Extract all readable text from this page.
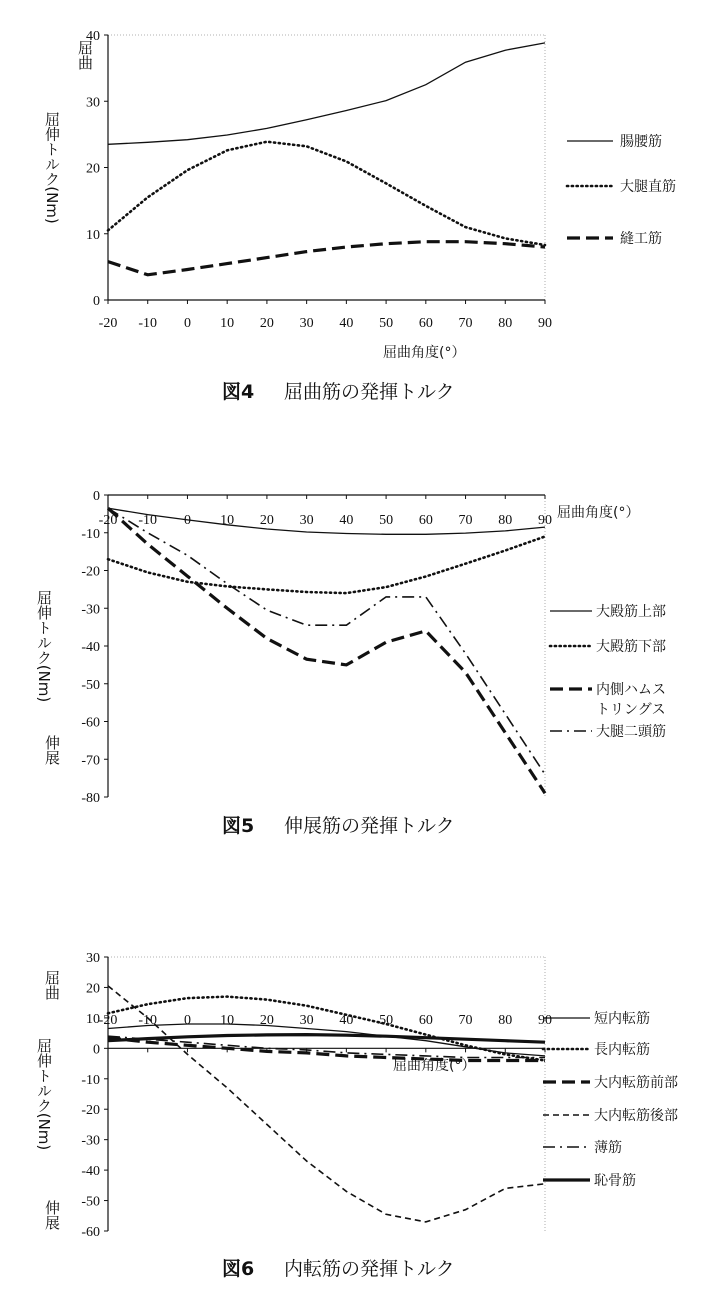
0
10
20
30
40
-20 -10 0 10 20 30 40 50 60 70 80 90
腸腰筋
大腿直筋
縫工筋
屈曲角度(°）
屈伸トルク(Nm)
屈曲
図4 屈曲筋の発揮トルク
0
-10
-20
-30
-40
-50
-60
-70
-80
-20 -10 0 10 20 30 40 50 60 70 80 90
大殿筋上部
大殿筋下部
内側ハムス
トリングス
大腿二頭筋
屈曲角度(°）
屈伸トルク(Nm)
伸展
図5 伸展筋の発揮トルク
30
20
10
0
-10
-20
-30
-40
-50
-60
-20 -10 0 10 20 30 40 50 60 70 80 90	短内転筋
長内転筋
大内転筋前部
大内転筋後部
薄筋
恥骨筋
屈曲角度(°）
屈伸トルク(Nm)
屈曲
伸展
図6 内転筋の発揮トルク
